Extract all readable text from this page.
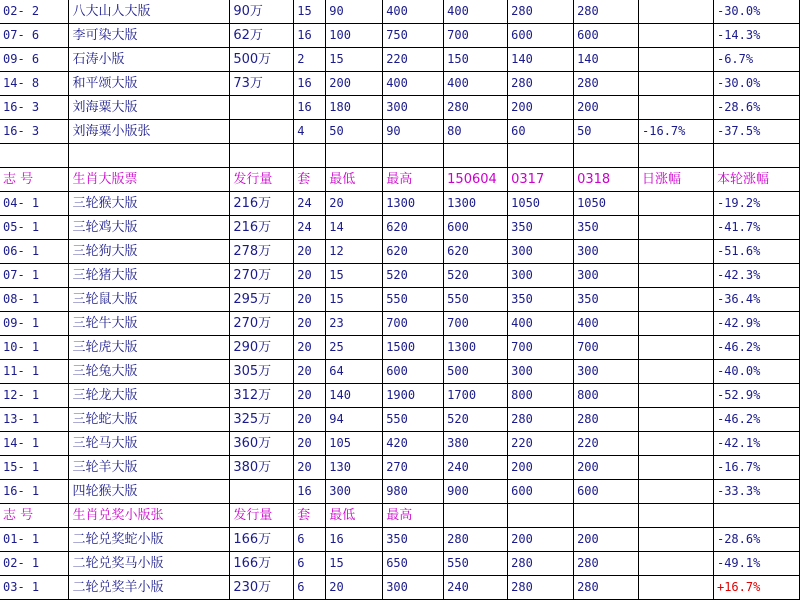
02- 2	八大山人大版	90万	15	90	400	400	280	280		-30.0%
07- 6	李可染大版	62万	16	100	750	700	600	600		-14.3%
09- 6	石涛小版	500万	2	15	220	150	140	140		-6.7%
14- 8	和平颂大版	73万	16	200	400	400	280	280		-30.0%
16- 3	刘海粟大版		16	180	300	280	200	200		-28.6%
16- 3	刘海粟小版张		4	50	90	80	60	50	-16.7%	-37.5%

志 号	生肖大版票	发行量	套	最低	最高	150604	0317	0318	日涨幅	本轮涨幅
04- 1	三轮猴大版	216万	24	20	1300	1300	1050	1050		-19.2%
05- 1	三轮鸡大版	216万	24	14	620	600	350	350		-41.7%
06- 1	三轮狗大版	278万	20	12	620	620	300	300		-51.6%
07- 1	三轮猪大版	270万	20	15	520	520	300	300		-42.3%
08- 1	三轮鼠大版	295万	20	15	550	550	350	350		-36.4%
09- 1	三轮牛大版	270万	20	23	700	700	400	400		-42.9%
10- 1	三轮虎大版	290万	20	25	1500	1300	700	700		-46.2%
11- 1	三轮兔大版	305万	20	64	600	500	300	300		-40.0%
12- 1	三轮龙大版	312万	20	140	1900	1700	800	800		-52.9%
13- 1	三轮蛇大版	325万	20	94	550	520	280	280		-46.2%
14- 1	三轮马大版	360万	20	105	420	380	220	220		-42.1%
15- 1	三轮羊大版	380万	20	130	270	240	200	200		-16.7%
16- 1	四轮猴大版		16	300	980	900	600	600		-33.3%
志 号	生肖兑奖小版张	发行量	套	最低	最高					
01- 1	二轮兑奖蛇小版	166万	6	16	350	280	200	200		-28.6%
02- 1	二轮兑奖马小版	166万	6	15	650	550	280	280		-49.1%
03- 1	二轮兑奖羊小版	230万	6	20	300	240	280	280		+16.7%
